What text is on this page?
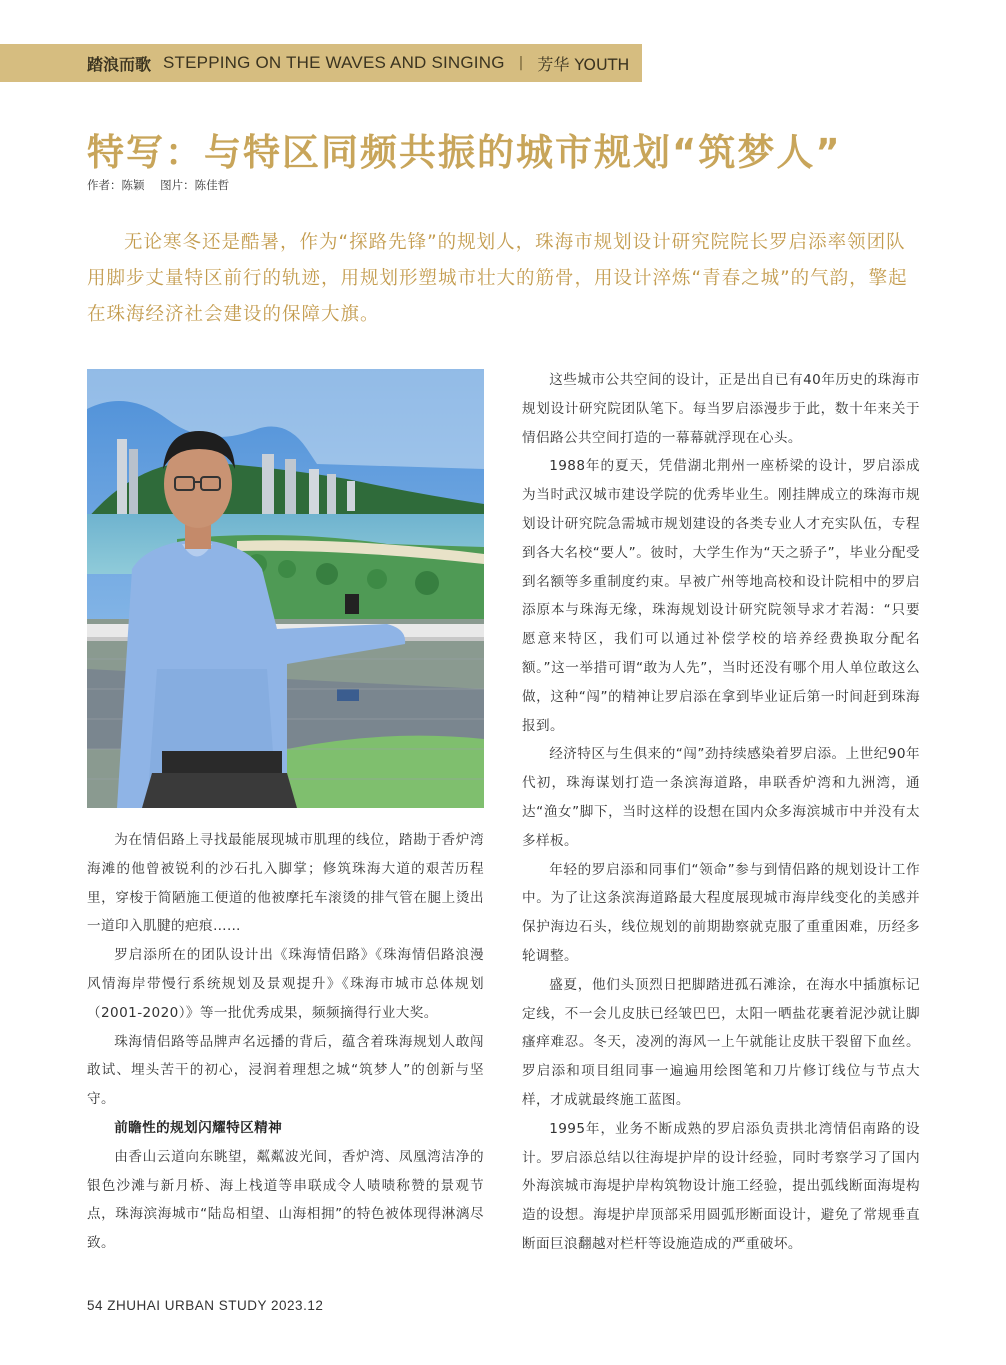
踏浪而歌 STEPPING ON THE WAVES AND SINGING | 芳华 YOUTH
特写：与特区同频共振的城市规划“筑梦人”
作者：陈颖 图片：陈佳哲

无论寒冬还是酷暑，作为“探路先锋”的规划人，珠海市规划设计研究院院长罗启添率领团队用脚步丈量特区前行的轨迹，用规划形塑城市壮大的筋骨，用设计淬炼“青春之城”的气韵，擎起在珠海经济社会建设的保障大旗。

为在情侣路上寻找最能展现城市肌理的线位，踏勘于香炉湾海滩的他曾被锐利的沙石扎入脚掌；修筑珠海大道的艰苦历程里，穿梭于简陋施工便道的他被摩托车滚烫的排气管在腿上烫出一道印入肌腱的疤痕……

罗启添所在的团队设计出《珠海情侣路》《珠海情侣路浪漫风情海岸带慢行系统规划及景观提升》《珠海市城市总体规划（2001-2020）》等一批优秀成果，频频摘得行业大奖。

珠海情侣路等品牌声名远播的背后，蕴含着珠海规划人敢闯敢试、埋头苦干的初心，浸润着理想之城“筑梦人”的创新与坚守。

前瞻性的规划闪耀特区精神

由香山云道向东眺望，粼粼波光间，香炉湾、凤凰湾洁净的银色沙滩与新月桥、海上栈道等串联成令人啧啧称赞的景观节点，珠海滨海城市“陆岛相望、山海相拥”的特色被体现得淋漓尽致。

这些城市公共空间的设计，正是出自已有40年历史的珠海市规划设计研究院团队笔下。每当罗启添漫步于此，数十年来关于情侣路公共空间打造的一幕幕就浮现在心头。

1988年的夏天，凭借湖北荆州一座桥梁的设计，罗启添成为当时武汉城市建设学院的优秀毕业生。刚挂牌成立的珠海市规划设计研究院急需城市规划建设的各类专业人才充实队伍，专程到各大名校“要人”。彼时，大学生作为“天之骄子”，毕业分配受到名额等多重制度约束。早被广州等地高校和设计院相中的罗启添原本与珠海无缘，珠海规划设计研究院领导求才若渴：“只要愿意来特区，我们可以通过补偿学校的培养经费换取分配名额。”这一举措可谓“敢为人先”，当时还没有哪个用人单位敢这么做，这种“闯”的精神让罗启添在拿到毕业证后第一时间赶到珠海报到。

经济特区与生俱来的“闯”劲持续感染着罗启添。上世纪90年代初，珠海谋划打造一条滨海道路，串联香炉湾和九洲湾，通达“渔女”脚下，当时这样的设想在国内众多海滨城市中并没有太多样板。

年轻的罗启添和同事们“领命”参与到情侣路的规划设计工作中。为了让这条滨海道路最大程度展现城市海岸线变化的美感并保护海边石头，线位规划的前期勘察就克服了重重困难，历经多轮调整。

盛夏，他们头顶烈日把脚踏进孤石滩涂，在海水中插旗标记定线，不一会儿皮肤已经皱巴巴，太阳一晒盐花裹着泥沙就让脚瘙痒难忍。冬天，凌冽的海风一上午就能让皮肤干裂留下血丝。罗启添和项目组同事一遍遍用绘图笔和刀片修订线位与节点大样，才成就最终施工蓝图。

1995年，业务不断成熟的罗启添负责拱北湾情侣南路的设计。罗启添总结以往海堤护岸的设计经验，同时考察学习了国内外海滨城市海堤护岸构筑物设计施工经验，提出弧线断面海堤构造的设想。海堤护岸顶部采用圆弧形断面设计，避免了常规垂直断面巨浪翻越对栏杆等设施造成的严重破坏。

54 ZHUHAI URBAN STUDY 2023.12
